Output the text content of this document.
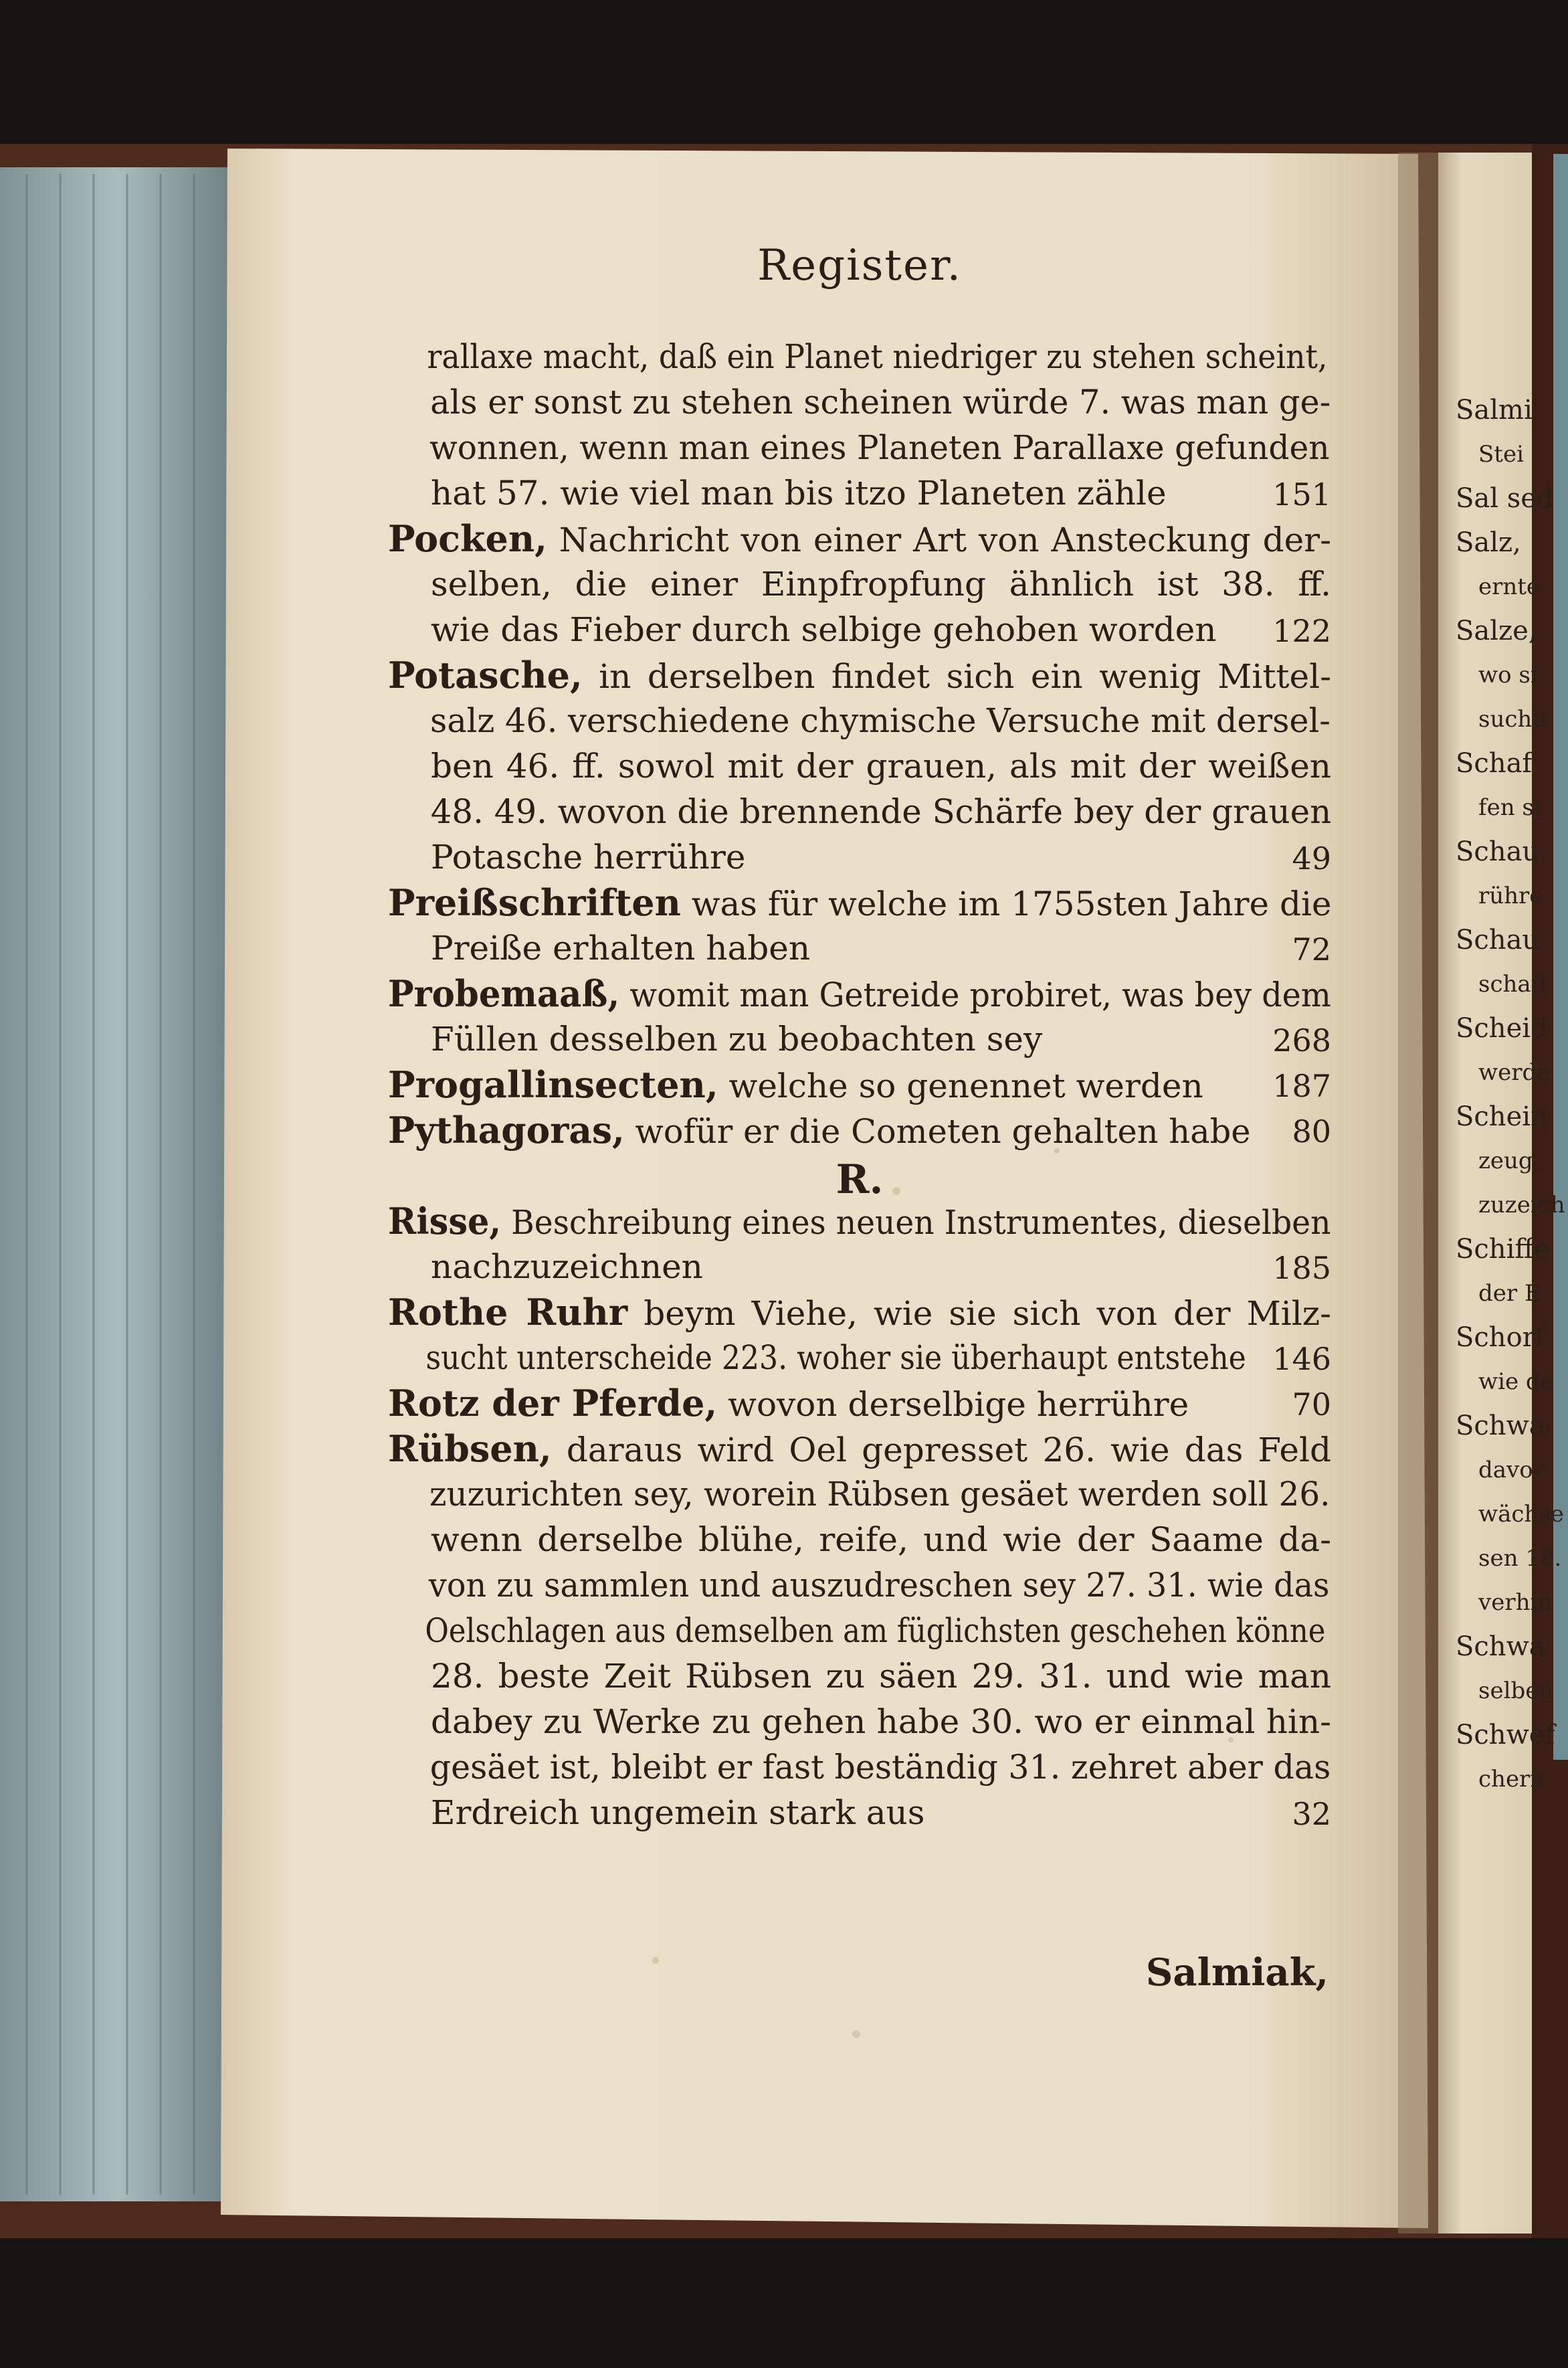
Register.
rallaxe macht, daß ein Planet niedriger zu stehen scheint,
als er sonst zu stehen scheinen würde 7. was man ge-
wonnen, wenn man eines Planeten Parallaxe gefunden
hat 57. wie viel man bis itzo Planeten zähle	151
Pocken, Nachricht von einer Art von Ansteckung der-
selben, die einer Einpfropfung ähnlich ist 38. ff.
wie das Fieber durch selbige gehoben worden	122
Potasche, in derselben findet sich ein wenig Mittel-
salz 46. verschiedene chymische Versuche mit dersel-
ben 46. ff. sowol mit der grauen, als mit der weißen
48. 49. wovon die brennende Schärfe bey der grauen
Potasche herrühre	49
Preißschriften was für welche im 1755sten Jahre die
Preiße erhalten haben	72
Probemaaß, womit man Getreide probiret, was bey dem
Füllen desselben zu beobachten sey	268
Progallinsecten, welche so genennet werden	187
Pythagoras, wofür er die Cometen gehalten habe 80
R.
Risse, Beschreibung eines neuen Instrumentes, dieselben
nachzuzeichnen	185
Rothe Ruhr beym Viehe, wie sie sich von der Milz-
sucht unterscheide 223. woher sie überhaupt entstehe 146
Rotz der Pferde, wovon derselbige herrühre	70
Rübsen, daraus wird Oel gepresset 26. wie das Feld
zuzurichten sey, worein Rübsen gesäet werden soll 26.
wenn derselbe blühe, reife, und wie der Saame da-
von zu sammlen und auszudreschen sey 27. 31. wie das
Oelschlagen aus demselben am füglichsten geschehen könne
28. beste Zeit Rübsen zu säen 29. 31. und wie man
dabey zu Werke zu gehen habe 30. wo er einmal hin-
gesäet ist, bleibt er fast beständig 31. zehret aber das
Erdreich ungemein stark aus	32
Salmiak,
Salmi
Stei
Sal sed
Salz,
ernte
Salze,
wo si
suchu
Schaf
fen si
Schau
rühre
Schau
schaft
Scheid
werde
Schein
zeug,
zuzeich
Schiffe
der E
Schorf
wie de
Schwa
davor
wächse
sen 18.
verhin
Schwa
selben
Schwef
chern
